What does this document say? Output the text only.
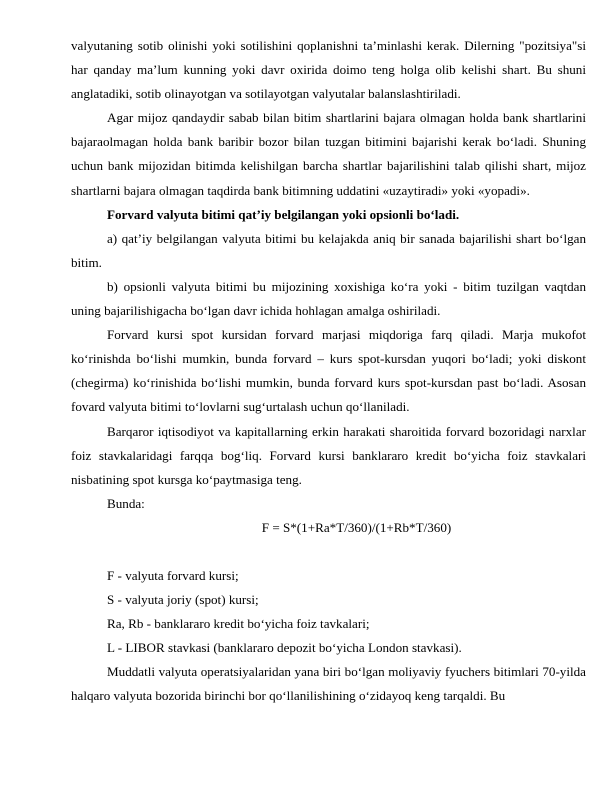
valyutaning sotib olinishi yoki sotilishini qoplanishni ta’minlashi kerak. Dilerning "pozitsiya"si har qanday ma’lum kunning yoki davr oxirida doimo teng holga olib kelishi shart. Bu shuni anglatadiki, sotib olinayotgan va sotilayotgan valyutalar balanslashtiriladi.

Agar mijoz qandaydir sabab bilan bitim shartlarini bajara olmagan holda bank shartlarini bajaraolmagan holda bank baribir bozor bilan tuzgan bitimini bajarishi kerak bo‘ladi. Shuning uchun bank mijozidan bitimda kelishilgan barcha shartlar bajarilishini talab qilishi shart, mijoz shartlarni bajara olmagan taqdirda bank bitimning uddatini «uzaytiradi» yoki «yopadi».

Forvard valyuta bitimi qat’iy belgilangan yoki opsionli bo‘ladi.

a) qat’iy belgilangan valyuta bitimi bu kelajakda aniq bir sanada bajarilishi shart bo‘lgan bitim.

b) opsionli valyuta bitimi bu mijozining xoxishiga ko‘ra yoki - bitim tuzilgan vaqtdan uning bajarilishigacha bo‘lgan davr ichida hohlagan amalga oshiriladi.

Forvard kursi spot kursidan forvard marjasi miqdoriga farq qiladi. Marja mukofot ko‘rinishda bo‘lishi mumkin, bunda forvard – kurs spot-kursdan yuqori bo‘ladi; yoki diskont (chegirma) ko‘rinishida bo‘lishi mumkin, bunda forvard kurs spot-kursdan past bo‘ladi. Asosan fovard valyuta bitimi to‘lovlarni sug‘urtalash uchun qo‘llaniladi.

Barqaror iqtisodiyot va kapitallarning erkin harakati sharoitida forvard bozoridagi narxlar foiz stavkalaridagi farqqa bog‘liq. Forvard kursi banklararo kredit bo‘yicha foiz stavkalari nisbatining spot kursga ko‘paytmasiga teng.

Bunda:

F = S*(1+Ra*T/360)/(1+Rb*T/360)

F - valyuta forvard kursi;

S - valyuta joriy (spot) kursi;

Ra, Rb - banklararo kredit bo‘yicha foiz tavkalari;

L - LIBOR stavkasi (banklararo depozit bo‘yicha London stavkasi).

Muddatli valyuta operatsiyalaridan yana biri bo‘lgan moliyaviy fyuchers bitimlari 70-yilda halqaro valyuta bozorida birinchi bor qo‘llanilishining o‘zidayoq keng tarqaldi. Bu
